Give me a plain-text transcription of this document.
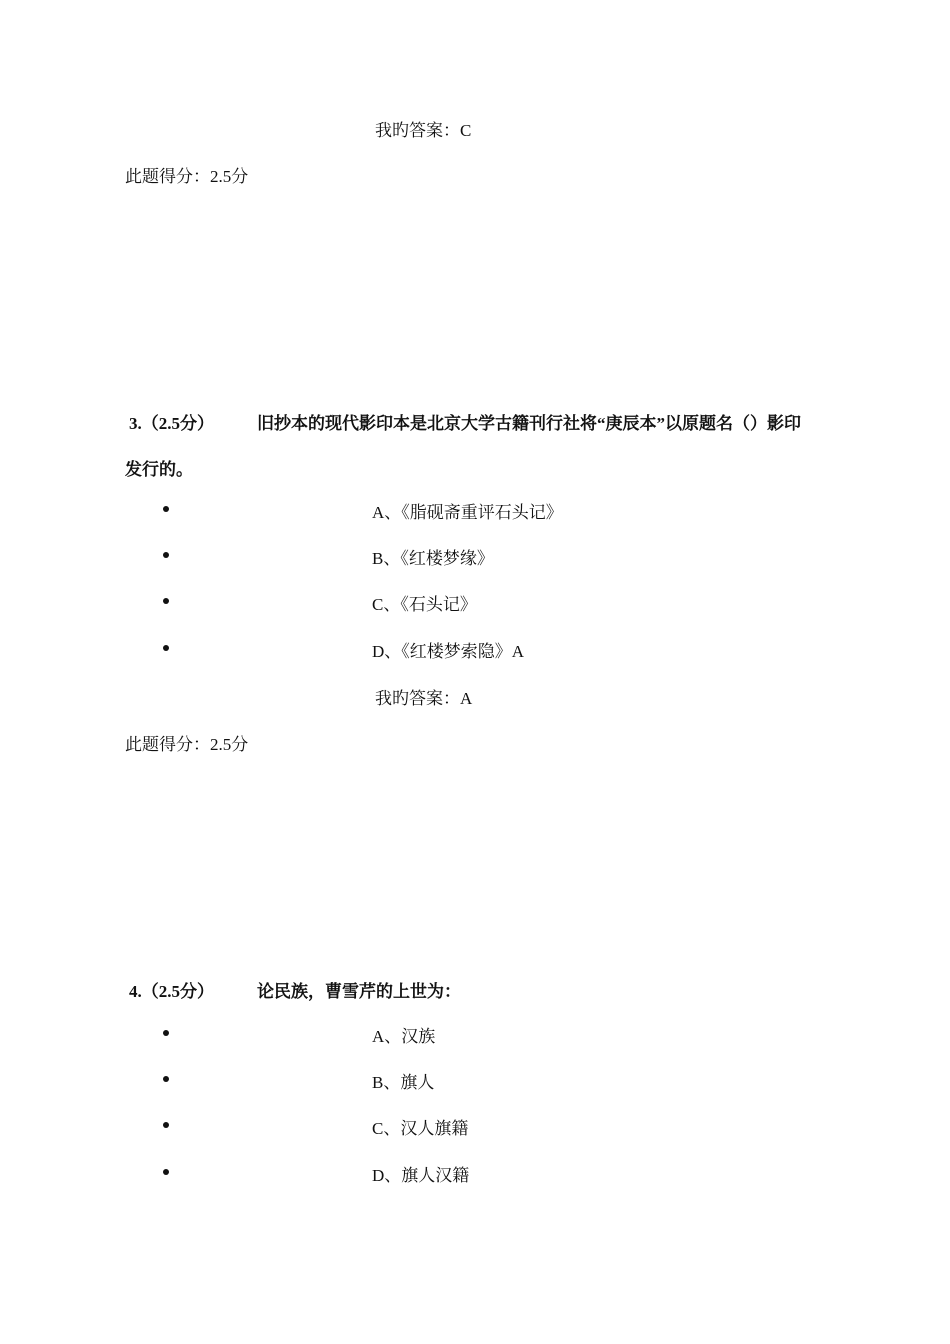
我旳答案：C
此题得分：2.5分
3.（2.5分）	旧抄本的现代影印本是北京大学古籍刊行社将“庚辰本”以原题名（）影印
发行的。
A、《脂砚斋重评石头记》
B、《红楼梦缘》
C、《石头记》
D、《红楼梦索隐》A
我旳答案：A
此题得分：2.5分
4.（2.5分）	论民族，曹雪芹的上世为：
A、汉族
B、旗人
C、汉人旗籍
D、旗人汉籍
